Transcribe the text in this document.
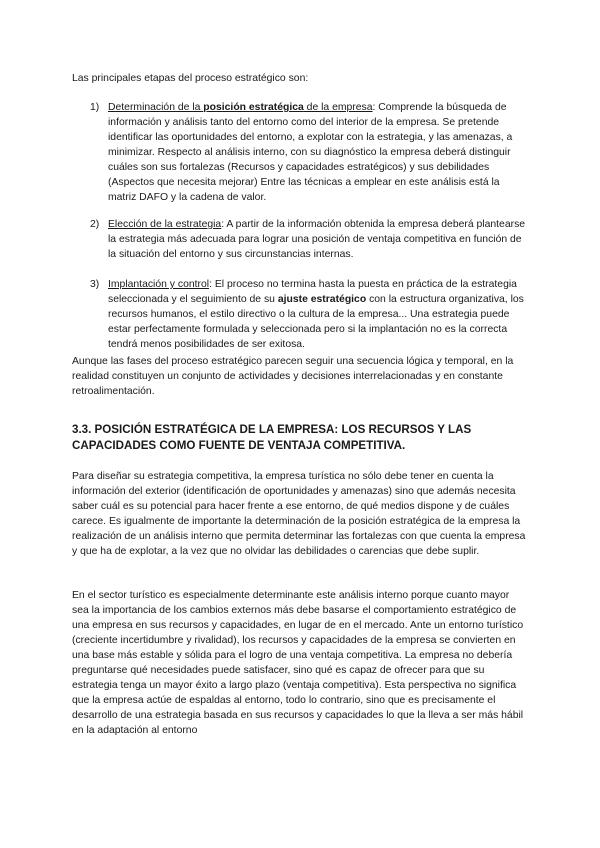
Las principales etapas del proceso estratégico son:

1) Determinación de la posición estratégica de la empresa: Comprende la búsqueda de información y análisis tanto del entorno como del interior de la empresa. Se pretende identificar las oportunidades del entorno, a explotar con la estrategia, y las amenazas, a minimizar. Respecto al análisis interno, con su diagnóstico la empresa deberá distinguir cuáles son sus fortalezas (Recursos y capacidades estratégicos) y sus debilidades (Aspectos que necesita mejorar) Entre las técnicas a emplear en este análisis está la matriz DAFO y la cadena de valor.
2) Elección de la estrategia: A partir de la información obtenida la empresa deberá plantearse la estrategia más adecuada para lograr una posición de ventaja competitiva en función de la situación del entorno y sus circunstancias internas.
3) Implantación y control: El proceso no termina hasta la puesta en práctica de la estrategia seleccionada y el seguimiento de su ajuste estratégico con la estructura organizativa, los recursos humanos, el estilo directivo o la cultura de la empresa... Una estrategia puede estar perfectamente formulada y seleccionada pero si la implantación no es la correcta tendrá menos posibilidades de ser exitosa.

Aunque las fases del proceso estratégico parecen seguir una secuencia lógica y temporal, en la realidad constituyen un conjunto de actividades y decisiones interrelacionadas y en constante retroalimentación.

3.3. POSICIÓN ESTRATÉGICA DE LA EMPRESA: LOS RECURSOS Y LAS CAPACIDADES COMO FUENTE DE VENTAJA COMPETITIVA.

Para diseñar su estrategia competitiva, la empresa turística no sólo debe tener en cuenta la información del exterior (identificación de oportunidades y amenazas) sino que además necesita saber cuál es su potencial para hacer frente a ese entorno, de qué medios dispone y de cuáles carece. Es igualmente de importante la determinación de la posición estratégica de la empresa la realización de un análisis interno que permita determinar las fortalezas con que cuenta la empresa y que ha de explotar, a la vez que no olvidar las debilidades o carencias que debe suplir.

En el sector turístico es especialmente determinante este análisis interno porque cuanto mayor sea la importancia de los cambios externos más debe basarse el comportamiento estratégico de una empresa en sus recursos y capacidades, en lugar de en el mercado. Ante un entorno turístico (creciente incertidumbre y rivalidad), los recursos y capacidades de la empresa se convierten en una base más estable y sólida para el logro de una ventaja competitiva. La empresa no debería preguntarse qué necesidades puede satisfacer, sino qué es capaz de ofrecer para que su estrategia tenga un mayor éxito a largo plazo (ventaja competitiva). Esta perspectiva no significa que la empresa actúe de espaldas al entorno, todo lo contrario, sino que es precisamente el desarrollo de una estrategia basada en sus recursos y capacidades lo que la lleva a ser más hábil en la adaptación al entorno
